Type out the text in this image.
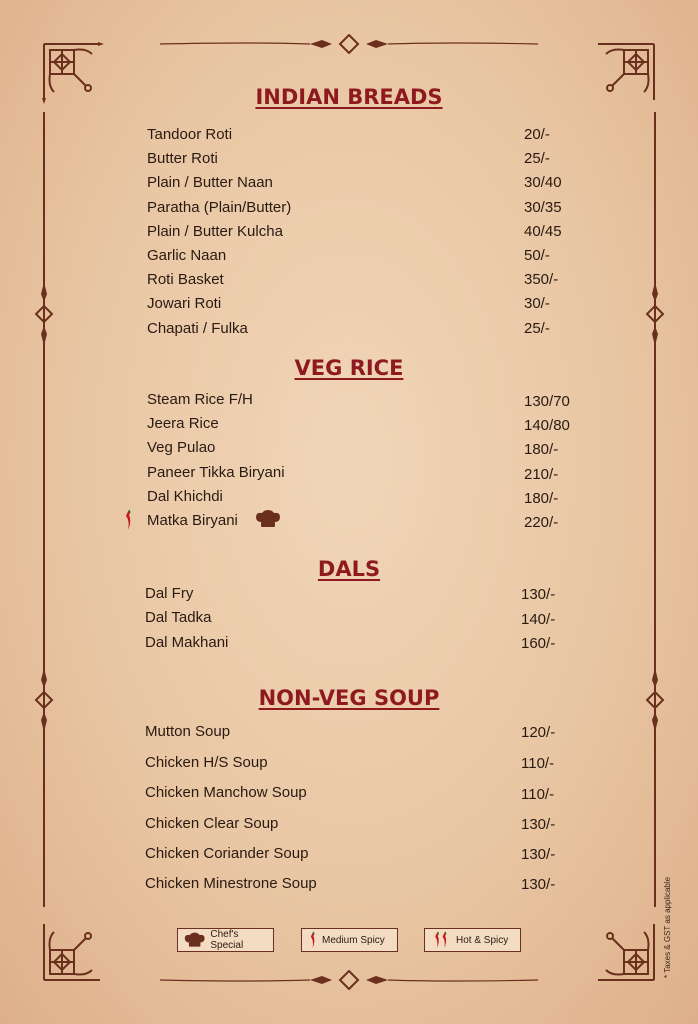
INDIAN BREADS
Tandoor Roti	20/-
Butter Roti	25/-
Plain / Butter Naan	30/40
Paratha (Plain/Butter)	30/35
Plain / Butter Kulcha	40/45
Garlic Naan	50/-
Roti Basket	350/-
Jowari Roti	30/-
Chapati / Fulka	25/-
VEG RICE
Steam Rice F/H	130/70
Jeera Rice	140/80
Veg Pulao	180/-
Paneer Tikka Biryani	210/-
Dal Khichdi	180/-
Matka Biryani	220/-
DALS
Dal Fry	130/-
Dal Tadka	140/-
Dal Makhani	160/-
NON-VEG SOUP
Mutton Soup	120/-
Chicken H/S Soup	110/-
Chicken Manchow Soup	110/-
Chicken Clear Soup	130/-
Chicken Coriander Soup	130/-
Chicken Minestrone Soup	130/-
Chef's Special	Medium Spicy	Hot & Spicy	* Taxes & GST as applicable
